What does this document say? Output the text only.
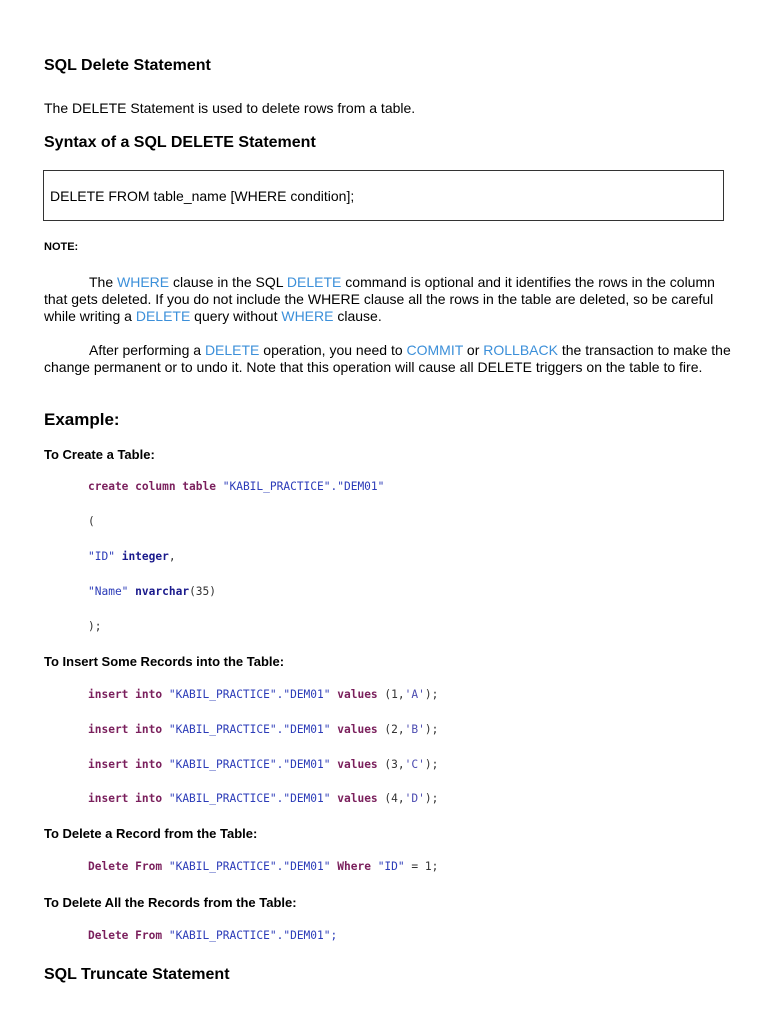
SQL Delete Statement
The DELETE Statement is used to delete rows from a table.
Syntax of a SQL DELETE Statement
DELETE FROM table_name [WHERE condition];
NOTE:
The WHERE clause in the SQL DELETE command is optional and it identifies the rows in the column that gets deleted. If you do not include the WHERE clause all the rows in the table are deleted, so be careful while writing a DELETE query without WHERE clause.
After performing a DELETE operation, you need to COMMIT or ROLLBACK the transaction to make the change permanent or to undo it. Note that this operation will cause all DELETE triggers on the table to fire.
Example:
To Create a Table:
create column table "KABIL_PRACTICE"."DEM01"
(
"ID" integer,
"Name" nvarchar(35)
);
To Insert Some Records into the Table:
insert into "KABIL_PRACTICE"."DEM01" values (1,'A');
insert into "KABIL_PRACTICE"."DEM01" values (2,'B');
insert into "KABIL_PRACTICE"."DEM01" values (3,'C');
insert into "KABIL_PRACTICE"."DEM01" values (4,'D');
To Delete a Record from the Table:
Delete From "KABIL_PRACTICE"."DEM01" Where "ID" = 1;
To Delete All the Records from the Table:
Delete From "KABIL_PRACTICE"."DEM01";
SQL Truncate Statement
